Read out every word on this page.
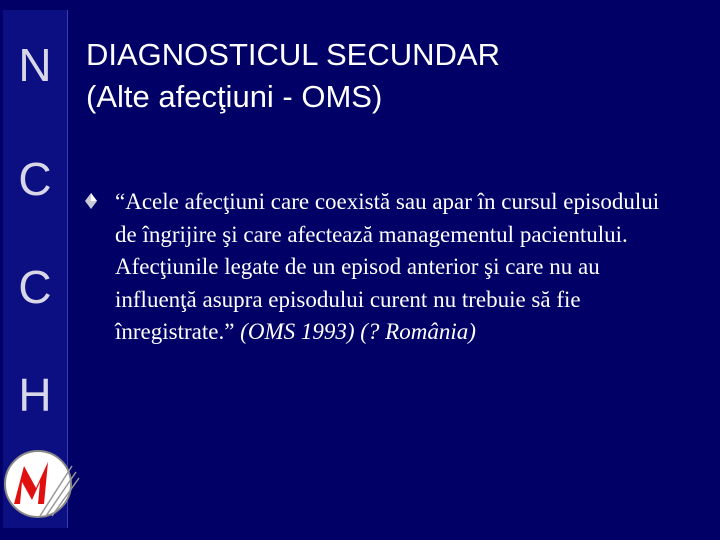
N
C
C
H
DIAGNOSTICUL SECUNDAR
(Alte afecţiuni - OMS)
“Acele afecţiuni care coexistă sau apar în cursul episodului de îngrijire şi care afectează managementul pacientului. Afecţiunile legate de un episod anterior şi care nu au influenţă asupra episodului curent nu trebuie să fie înregistrate.” (OMS 1993) (? România)
